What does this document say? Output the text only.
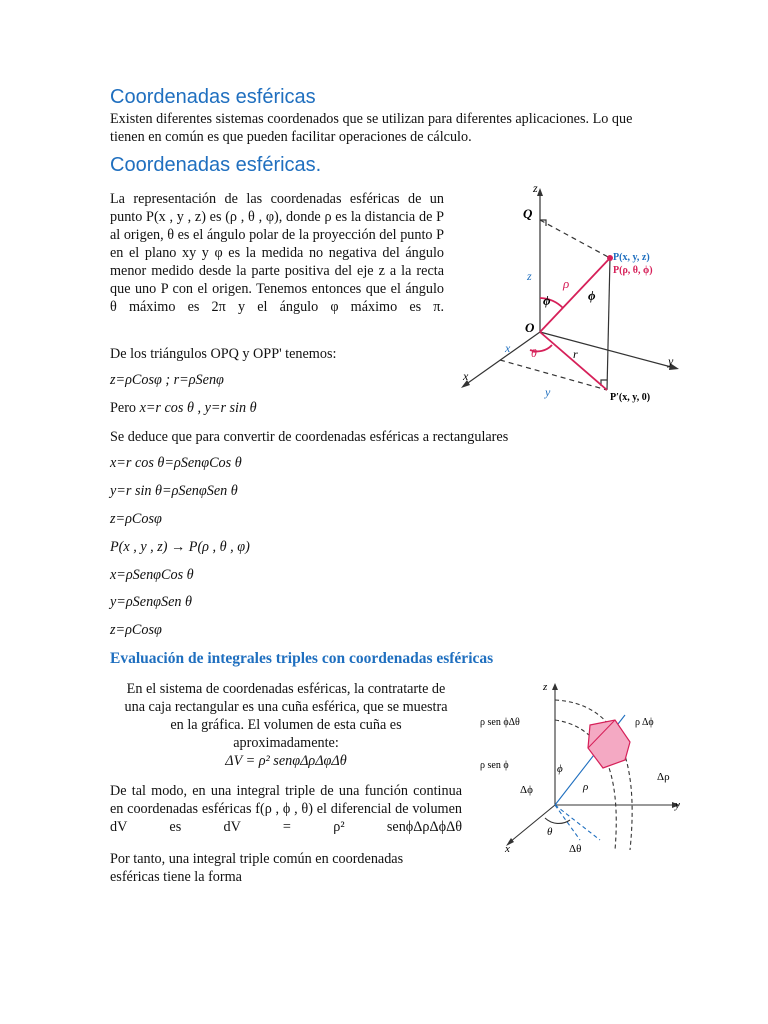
Coordenadas esféricas

Existen diferentes sistemas coordenados que se utilizan para diferentes aplicaciones. Lo que tienen en común es que pueden facilitar operaciones de cálculo.

Coordenadas esféricas.

La representación de las coordenadas esféricas de un punto P(x , y , z) es (ρ , θ , φ), donde ρ es la distancia de P al origen, θ es el ángulo polar de la proyección del punto P en el plano xy y φ es la medida no negativa del ángulo menor medido desde la parte positiva del eje z a la recta que uno P con el origen. Tenemos entonces que el ángulo θ máximo es 2π y el ángulo φ máximo es π.

De los triángulos OPQ y OPP' tenemos:

z=ρCosφ ; r=ρSenφ
Pero x=r cos θ , y=r sin θ

Se deduce que para convertir de coordenadas esféricas a rectangulares

x=r cos θ=ρSenφCos θ
y=r sin θ=ρSenφSen θ
z=ρCosφ
P(x , y , z) → P(ρ , θ , φ)
x=ρSenφCos θ
y=ρSenφSen θ
z=ρCosφ
Evaluación de integrales triples con coordenadas esféricas
En el sistema de coordenadas esféricas, la contratarte de
una caja rectangular es una cuña esférica, que se muestra
en la gráfica. El volumen de esta cuña es
aproximadamente:
ΔV = ρ² senφΔρΔφΔθ

De tal modo, en una integral triple de una función continua en coordenadas esféricas f(ρ , ϕ , θ) el diferencial de volumen dV es dV = ρ² senϕΔρΔϕΔθ

Por tanto, una integral triple común en coordenadas esféricas tiene la forma

z
y
x
Q
O
P(x, y, z)
P(ρ, θ, ϕ)
P′(x, y, 0)
ρ
ϕ	ϕ
θ	r
z
x
y
z
y
x
ρ sen ϕΔθ	ρ Δϕ
ρ sen ϕ
Δρ
ϕ
Δϕ	ρ
θ
Δθ
